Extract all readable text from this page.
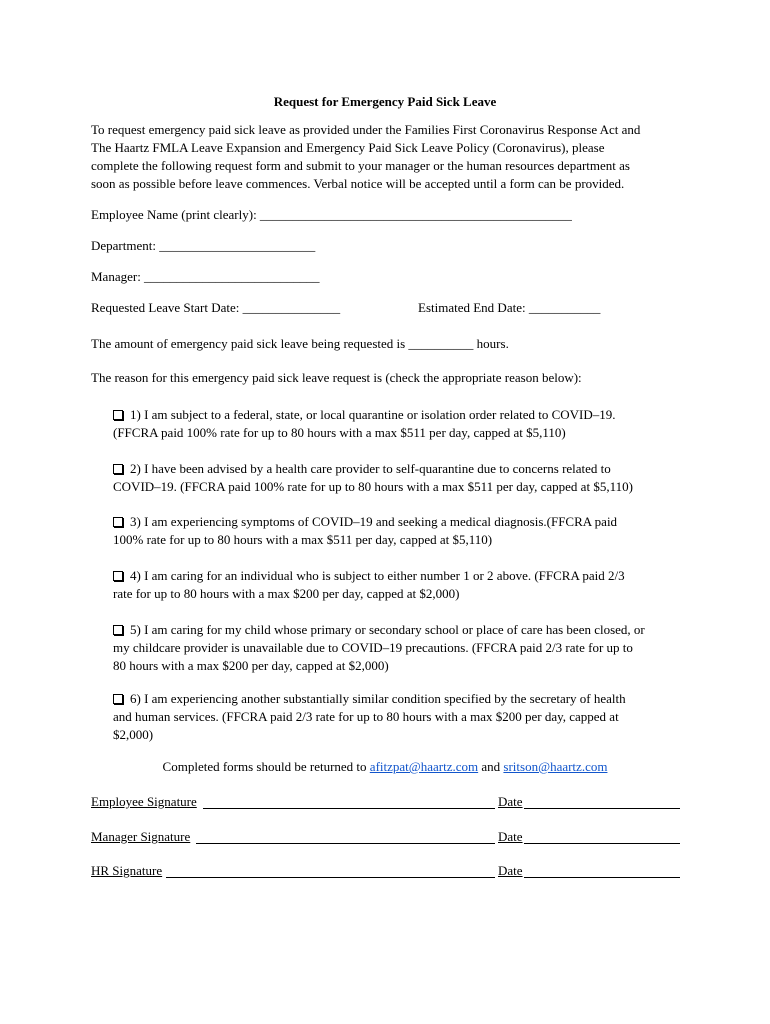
Request for Emergency Paid Sick Leave
To request emergency paid sick leave as provided under the Families First Coronavirus Response Act and
The Haartz FMLA Leave Expansion and Emergency Paid Sick Leave Policy (Coronavirus), please
complete the following request form and submit to your manager or the human resources department as
soon as possible before leave commences. Verbal notice will be accepted until a form can be provided.
Employee Name (print clearly): ________________________________________________
Department: ________________________
Manager: ___________________________
Requested Leave Start Date: _______________	Estimated End Date: ___________
The amount of emergency paid sick leave being requested is __________ hours.
The reason for this emergency paid sick leave request is (check the appropriate reason below):
1) I am subject to a federal, state, or local quarantine or isolation order related to COVID–19.
(FFCRA paid 100% rate for up to 80 hours with a max $511 per day, capped at $5,110)
2) I have been advised by a health care provider to self-quarantine due to concerns related to
COVID–19. (FFCRA paid 100% rate for up to 80 hours with a max $511 per day, capped at $5,110)
3) I am experiencing symptoms of COVID–19 and seeking a medical diagnosis.(FFCRA paid
100% rate for up to 80 hours with a max $511 per day, capped at $5,110)
4) I am caring for an individual who is subject to either number 1 or 2 above. (FFCRA paid 2/3
rate for up to 80 hours with a max $200 per day, capped at $2,000)
5) I am caring for my child whose primary or secondary school or place of care has been closed, or
my childcare provider is unavailable due to COVID–19 precautions. (FFCRA paid 2/3 rate for up to
80 hours with a max $200 per day, capped at $2,000)
6) I am experiencing another substantially similar condition specified by the secretary of health
and human services. (FFCRA paid 2/3 rate for up to 80 hours with a max $200 per day, capped at
$2,000)
Completed forms should be returned to afitzpat@haartz.com and sritson@haartz.com
Employee Signature	Date
Manager Signature	Date
HR Signature	Date
